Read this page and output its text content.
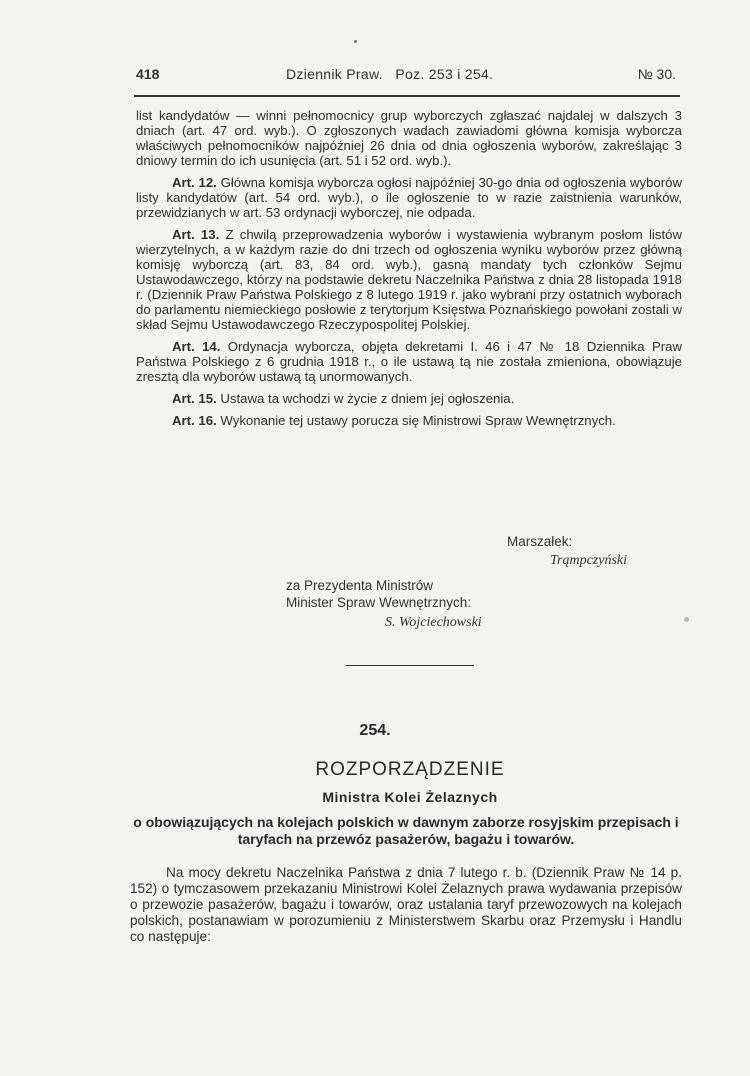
418	Dziennik Praw. Poz. 253 i 254.	№ 30.

list kandydatów — winni pełnomocnicy grup wyborczych zgłaszać najdalej w dalszych 3 dniach (art. 47 ord. wyb.). O zgłoszonych wadach zawiadomi główna komisja wyborcza właściwych pełnomocników najpóźniej 26 dnia od dnia ogłoszenia wyborów, zakreślając 3 dniowy termin do ich usunięcia (art. 51 i 52 ord. wyb.).

Art. 12. Główna komisja wyborcza ogłosi najpóźniej 30-go dnia od ogłoszenia wyborów listy kandydatów (art. 54 ord. wyb.), o ile ogłoszenie to w razie zaistnienia warunków, przewidzianych w art. 53 ordynacji wyborczej, nie odpada.

Art. 13. Z chwilą przeprowadzenia wyborów i wystawienia wybranym posłom listów wierzytelnych, a w każdym razie do dni trzech od ogłoszenia wyniku wyborów przez główną komisję wyborczą (art. 83, 84 ord. wyb.), gasną mandaty tych członków Sejmu Ustawodawczego, którzy na podstawie dekretu Naczelnika Państwa z dnia 28 listopada 1918 r. (Dziennik Praw Państwa Polskiego z 8 lutego 1919 r. jako wybrani przy ostatnich wyborach do parlamentu niemieckiego posłowie z terytorjum Księstwa Poznańskiego powołani zostali w skład Sejmu Ustawodawczego Rzeczypospolitej Polskiej.

Art. 14. Ordynacja wyborcza, objęta dekretami I. 46 i 47 № 18 Dziennika Praw Państwa Polskiego z 6 grudnia 1918 r., o ile ustawą tą nie została zmieniona, obowiązuje zresztą dla wyborów ustawą tą unormowanych.

Art. 15. Ustawa ta wchodzi w życie z dniem jej ogłoszenia.

Art. 16. Wykonanie tej ustawy porucza się Ministrowi Spraw Wewnętrznych.

Marszałek:
Trąmpczyński
za Prezydenta Ministrów
Minister Spraw Wewnętrznych:
S. Wojciechowski
254.
ROZPORZĄDZENIE
Ministra Kolei Żelaznych
o obowiązujących na kolejach polskich w dawnym zaborze rosyjskim przepisach i taryfach na przewóz pasażerów, bagażu i towarów.

Na mocy dekretu Naczelnika Państwa z dnia 7 lutego r. b. (Dziennik Praw № 14 p. 152) o tymczasowem przekazaniu Ministrowi Kolei Żelaznych prawa wydawania przepisów o przewozie pasażerów, bagażu i towarów, oraz ustalania taryf przewozowych na kolejach polskich, postanawiam w porozumieniu z Ministerstwem Skarbu oraz Przemysłu i Handlu co następuje:
